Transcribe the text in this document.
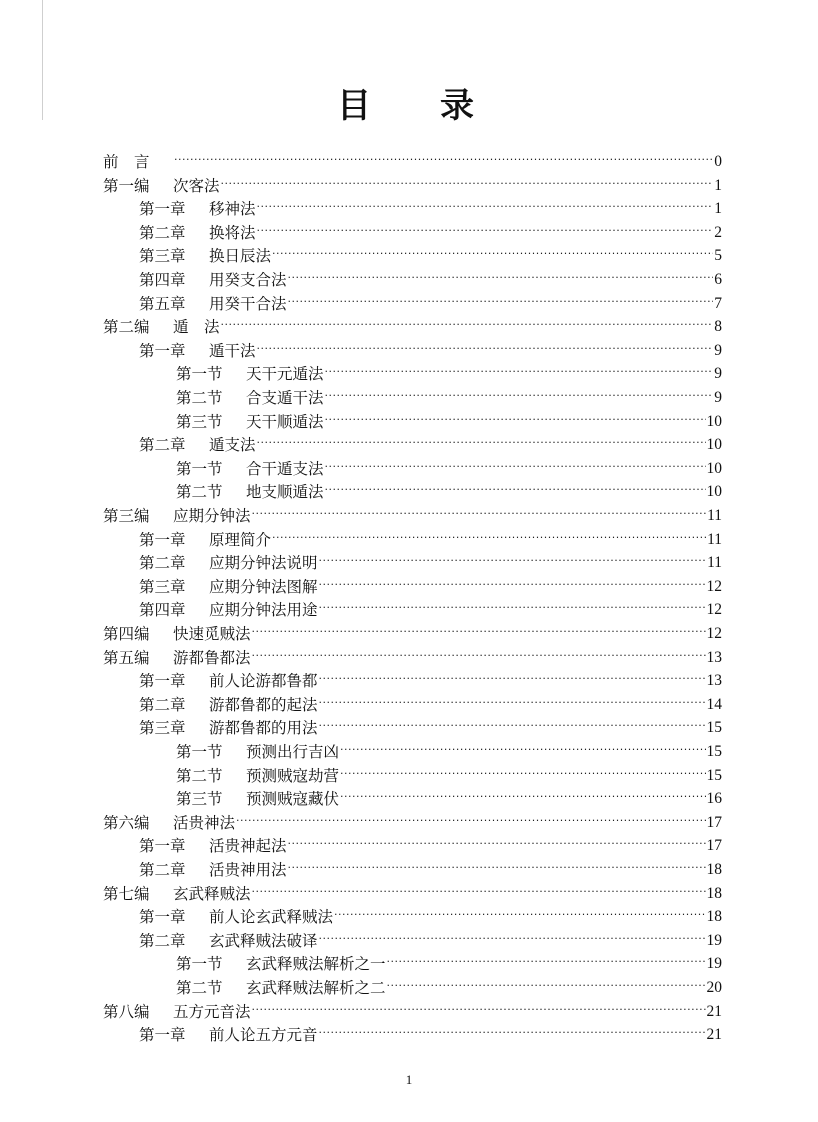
目 录
前　言 ·····	0
第一编 次客法 ·····	1
第一章 移神法 ·····	1
第二章 换将法 ·····	2
第三章 换日辰法 ·····	5
第四章 用癸支合法 ·····	6
第五章 用癸干合法 ·····	7
第二编 遁　法 ·····	8
第一章 遁干法 ·····	9
第一节 天干元遁法 ·····	9
第二节 合支遁干法 ·····	9
第三节 天干顺遁法 ·····	10
第二章 遁支法 ·····	10
第一节 合干遁支法 ·····	10
第二节 地支顺遁法 ·····	10
第三编 应期分钟法 ·····	11
第一章 原理简介 ·····	11
第二章 应期分钟法说明 ·····	11
第三章 应期分钟法图解 ·····	12
第四章 应期分钟法用途 ·····	12
第四编 快速觅贼法 ·····	12
第五编 游都鲁都法 ·····	13
第一章 前人论游都鲁都 ·····	13
第二章 游都鲁都的起法 ·····	14
第三章 游都鲁都的用法 ·····	15
第一节 预测出行吉凶 ·····	15
第二节 预测贼寇劫营 ·····	15
第三节 预测贼寇藏伏 ·····	16
第六编 活贵神法 ·····	17
第一章 活贵神起法 ·····	17
第二章 活贵神用法 ·····	18
第七编 玄武释贼法 ·····	18
第一章 前人论玄武释贼法 ·····	18
第二章 玄武释贼法破译 ·····	19
第一节 玄武释贼法解析之一 ·····	19
第二节 玄武释贼法解析之二 ·····	20
第八编 五方元音法 ·····	21
第一章 前人论五方元音 ·····	21
1
